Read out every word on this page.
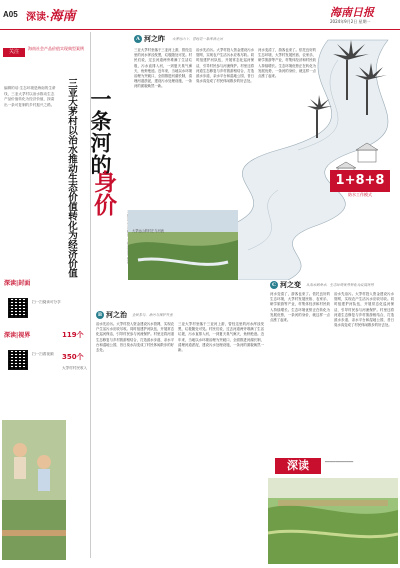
A05 深读·海南	海南日报
2024年9月2日 星期一
关注
海南社会产品价值实现典型案例
编辑的话:生态环境是海南的生命线，三亚大茅村以治水推动生态产品价值转化为经济价值，探索出一条可复制的乡村振兴之路。	三亚大茅村以治水推动生态价值转化为经济价值
深读|封面
扫一扫阅读可分享
深读|视界
扫一扫看视频
119个
350个
大茅村村民收入
一条河的
身价
大茅远山的村庄与河流
A 河之昨 大茅远山下，曾经是一条浑浊之河
三亚大茅村坐落于三亚河上游，曾经这里的河水浑浊发黑，垃圾随处可见。村民们说，过去河道两旁堆满了生活垃圾，污水直排入河，一到夏天臭气熏天，鱼虾绝迹。近年来，当地以水环境治理为突破口，全面推进河湖长制，清理河道淤泥，建设污水处理设施，一条河的面貌焕然一新。
治水先治污。大茅村投入资金建设污水管网，实现农户生活污水应收尽收。同时组建护河队伍，开展常态化巡河保洁，引导村民参与河流保护。村里还将河道生态修复与乡村旅游相结合，打造滨水步道、亲水平台和湿地公园，昔日臭水沟变成了村民休闲散步的好去处。
河水变清了，游客也来了。依托良好的生态环境，大茅村发展民宿、农家乐、研学旅游等产业，村集体经济和村民收入持续增长。生态环境优势正在转化为发展优势，一条河的身价，就这样一点点涨了起来。
1+8+8
防水工作模式
B 河之治 全民参与，治污与保护并重
治水先治污。大茅村投入资金建设污水管网，实现农户生活污水应收尽收。同时组建护河队伍，开展常态化巡河保洁，引导村民参与河流保护。村里还将河道生态修复与乡村旅游相结合，打造滨水步道、亲水平台和湿地公园，昔日臭水沟变成了村民休闲散步的好去处。
三亚大茅村坐落于三亚河上游，曾经这里的河水浑浊发黑，垃圾随处可见。村民们说，过去河道两旁堆满了生活垃圾，污水直排入河，一到夏天臭气熏天，鱼虾绝迹。近年来，当地以水环境治理为突破口，全面推进河湖长制，清理河道淤泥，建设污水处理设施，一条河的面貌焕然一新。
C 河之变 从沟水到金水，生态环境优势转化为发展优势
河水变清了，游客也来了。依托良好的生态环境，大茅村发展民宿、农家乐、研学旅游等产业，村集体经济和村民收入持续增长。生态环境优势正在转化为发展优势，一条河的身价，就这样一点点涨了起来。
治水先治污。大茅村投入资金建设污水管网，实现农户生活污水应收尽收。同时组建护河队伍，开展常态化巡河保洁，引导村民参与河流保护。村里还将河道生态修复与乡村旅游相结合，打造滨水步道、亲水平台和湿地公园，昔日臭水沟变成了村民休闲散步的好去处。
深读	━━━━━━━━━━━━━
